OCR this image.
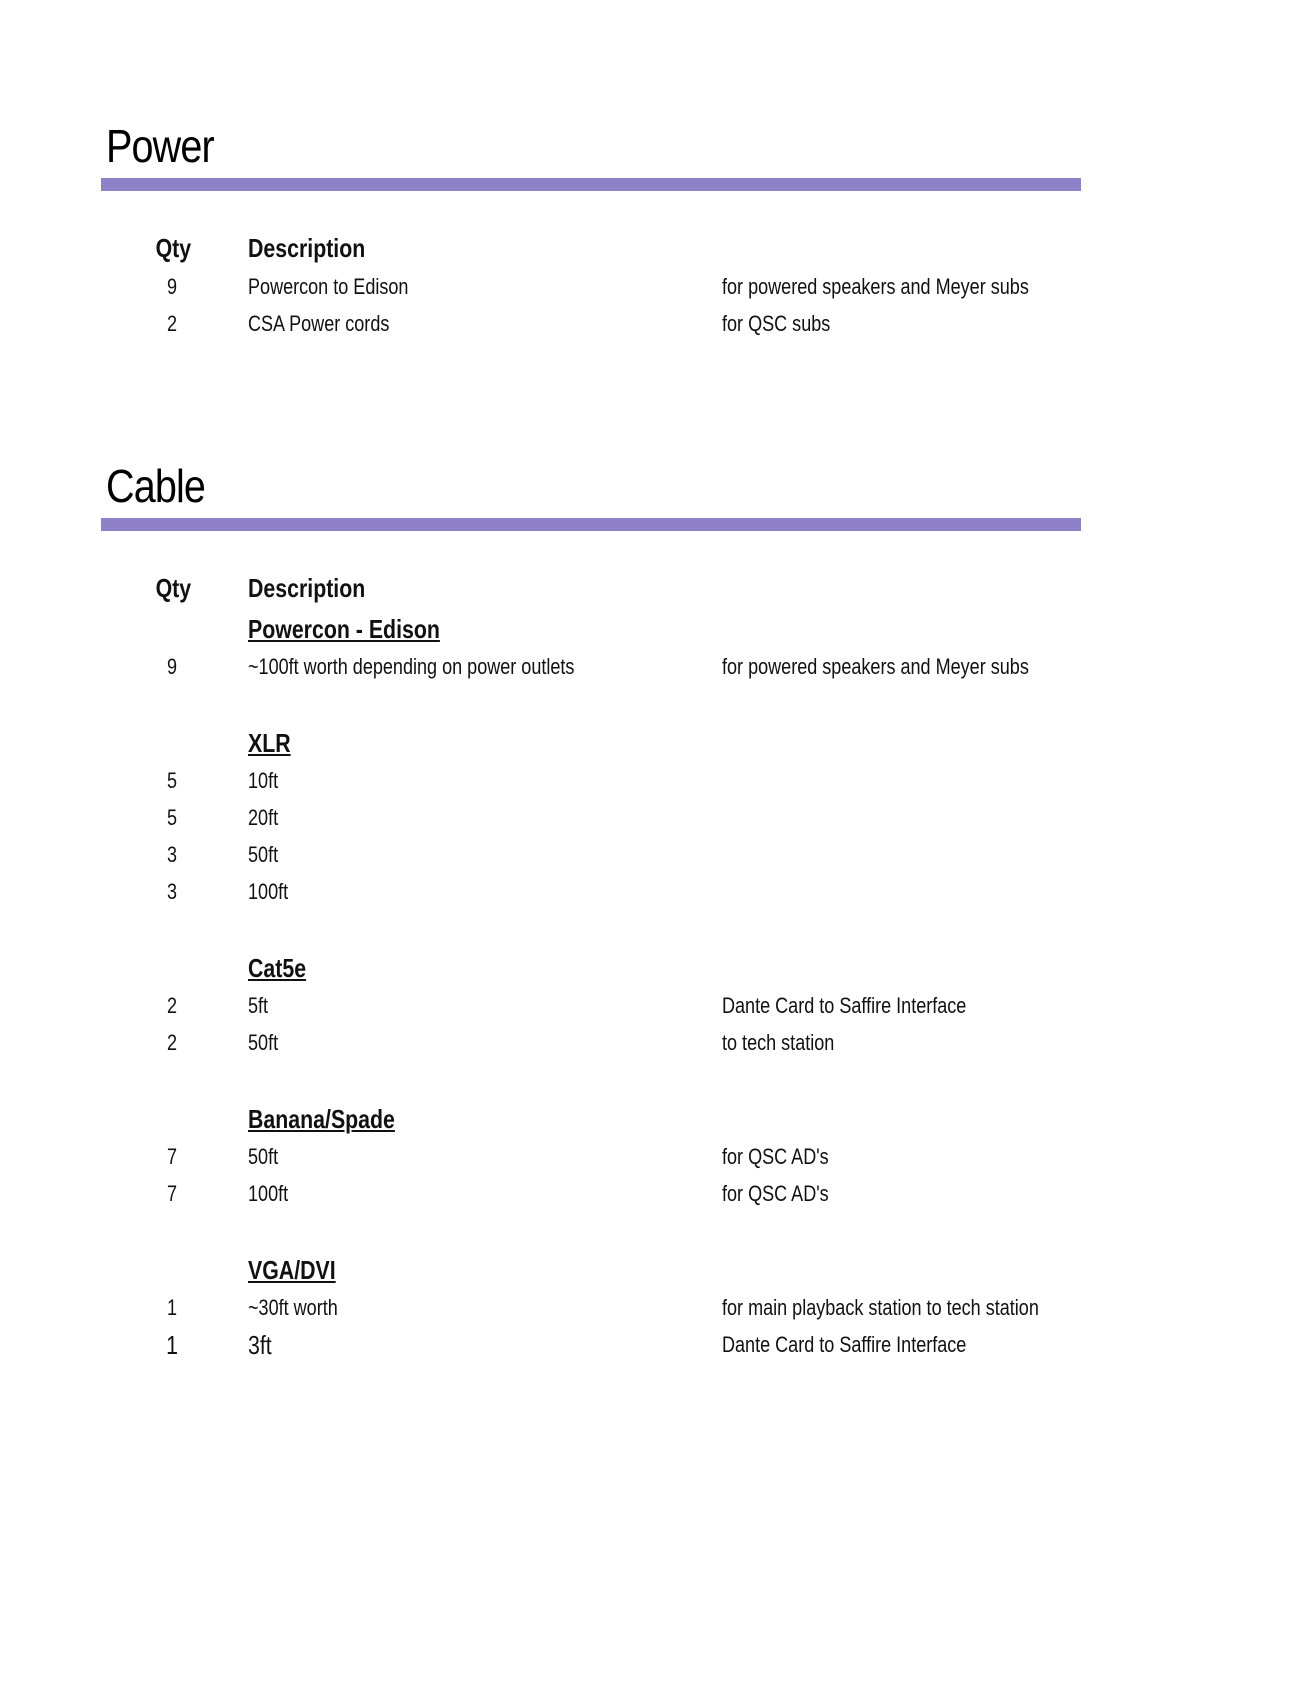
Power
Qty Description
9	Powercon to Edison	for powered speakers and Meyer subs
2	CSA Power cords	for QSC subs
Cable
Qty Description
Powercon - Edison
9	~100ft worth depending on power outlets	for powered speakers and Meyer subs
XLR
5	10ft
5	20ft
3	50ft
3	100ft
Cat5e
2	5ft	Dante Card to Saffire Interface
2	50ft	to tech station
Banana/Spade
7	50ft	for QSC AD's
7	100ft	for QSC AD's
VGA/DVI
1	~30ft worth	for main playback station to tech station
1	3ft	Dante Card to Saffire Interface
